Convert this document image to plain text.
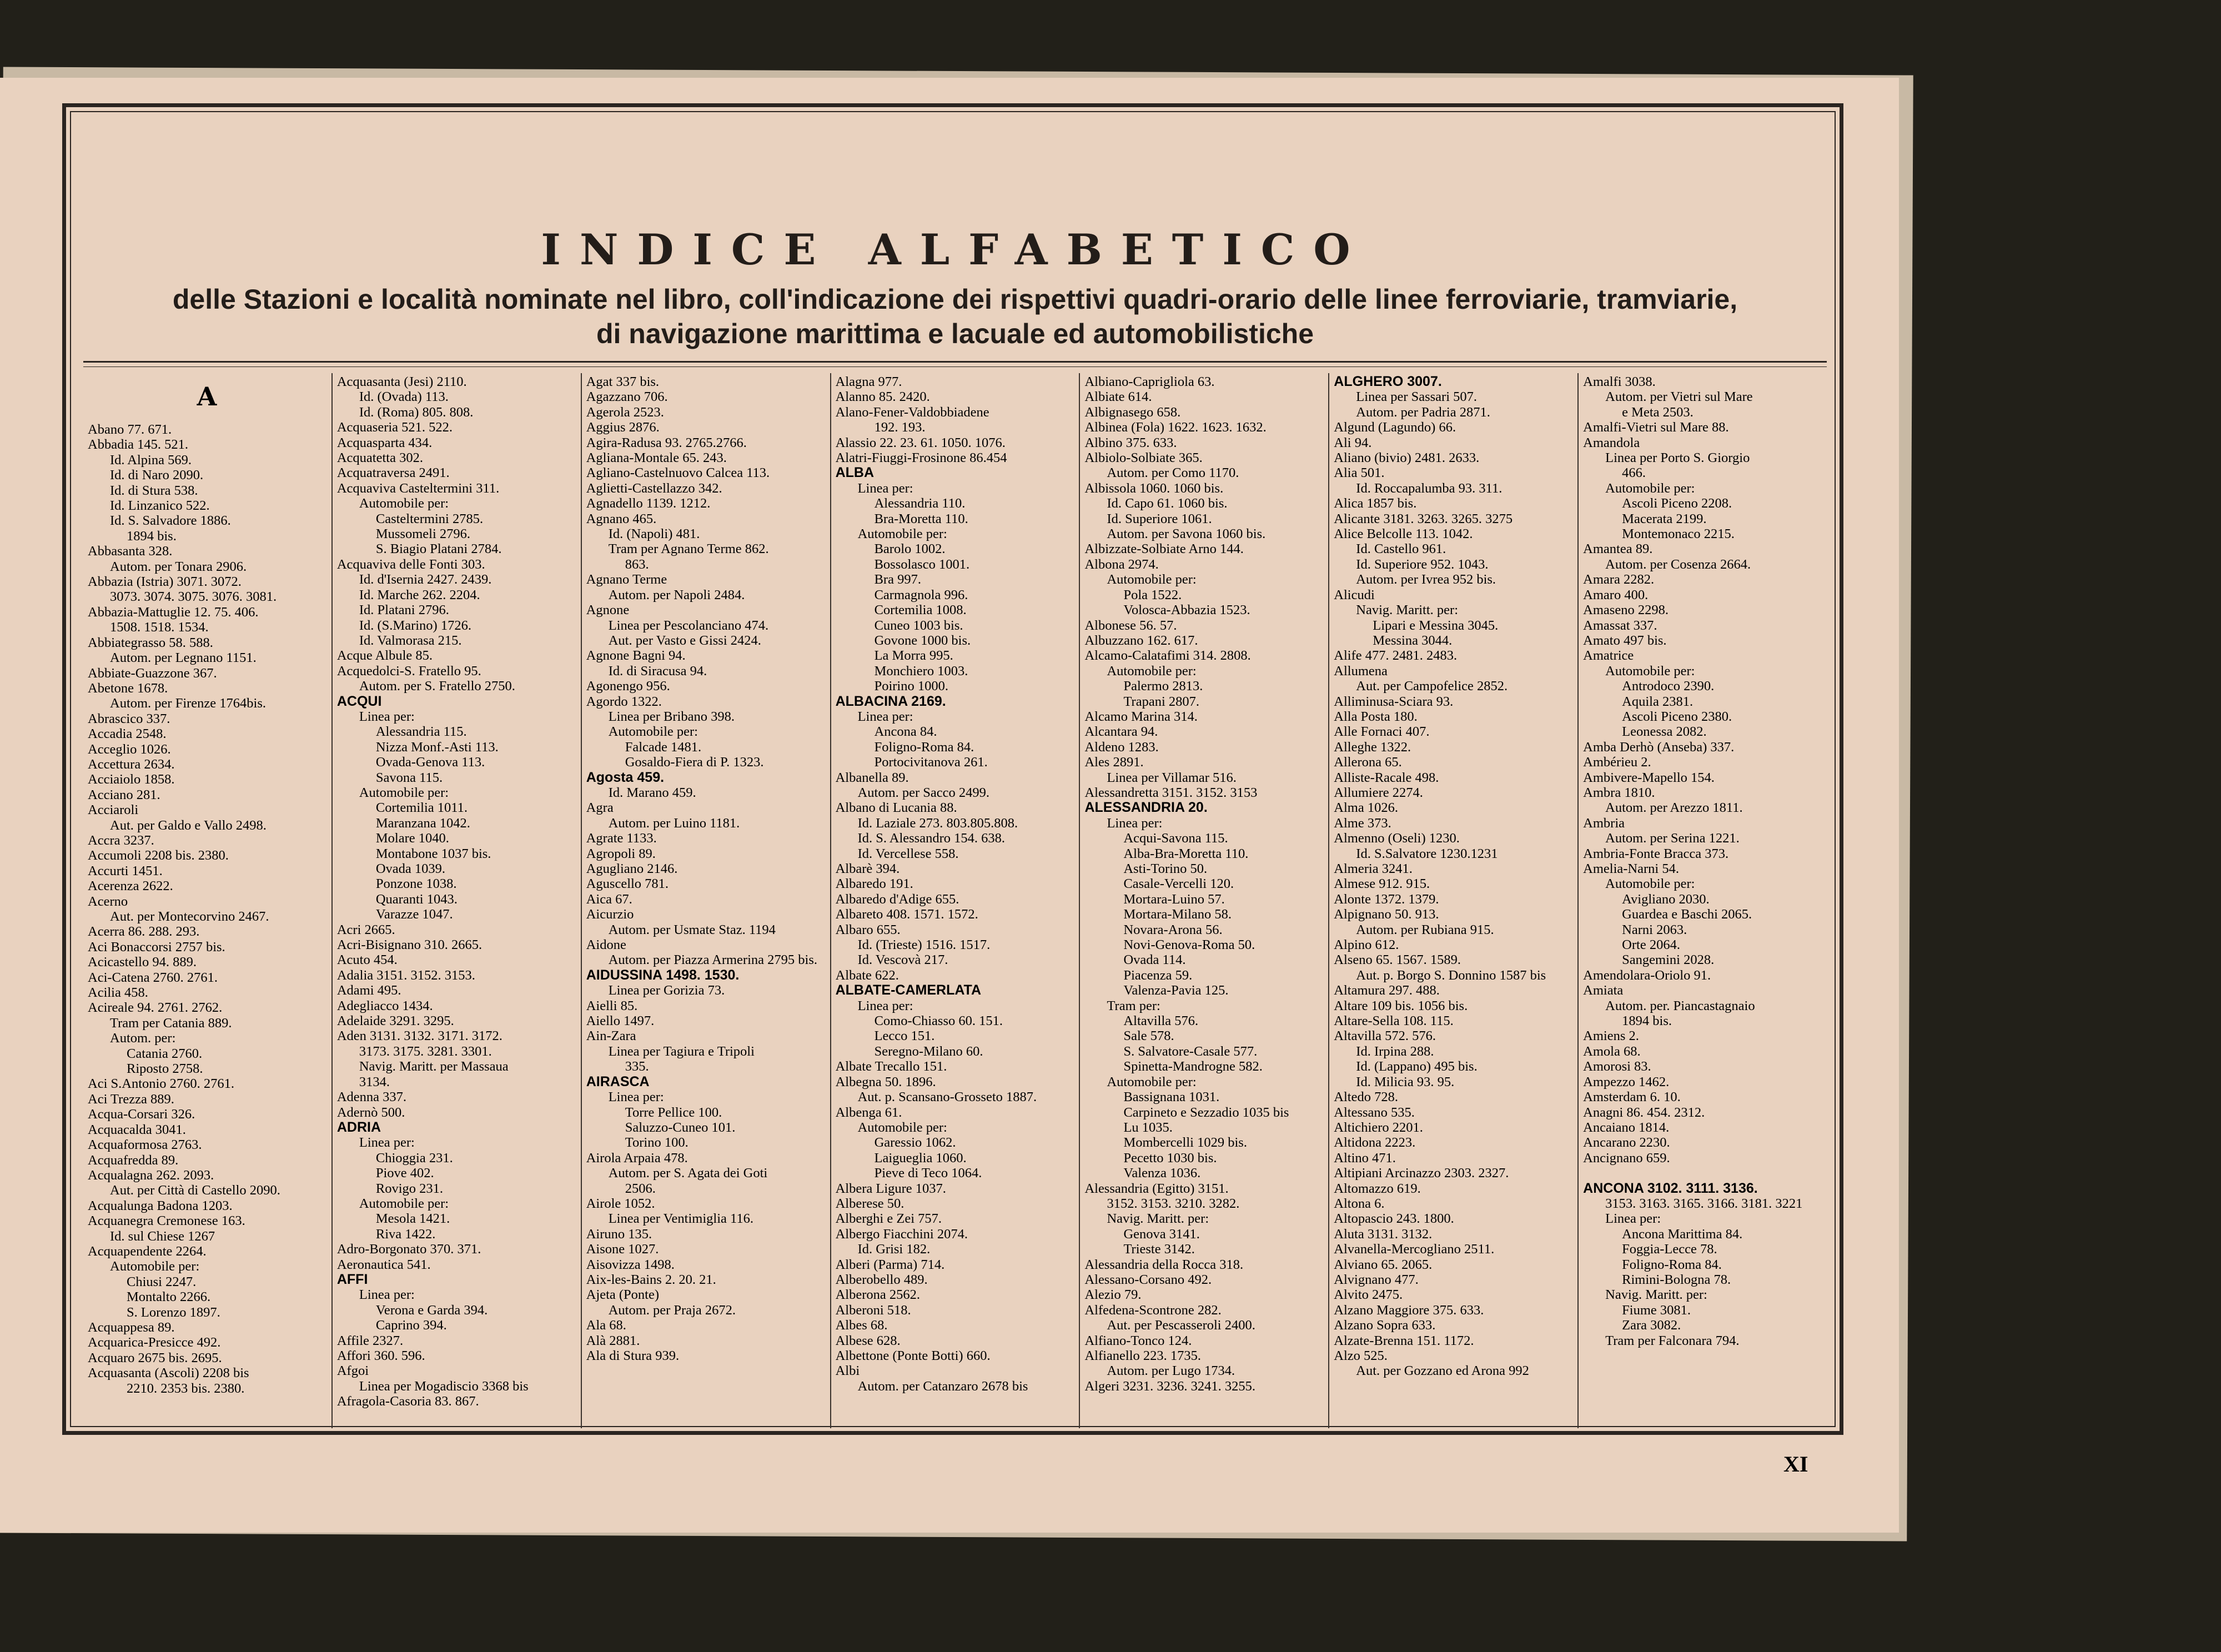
INDICE ALFABETICO
delle Stazioni e località nominate nel libro, coll'indicazione dei rispettivi quadri-orario delle linee ferroviarie, tramviarie,
di navigazione marittima e lacuale ed automobilistiche
A
Abano 77. 671.
Abbadia 145. 521.
Id. Alpina 569.
Id. di Naro 2090.
Id. di Stura 538.
Id. Linzanico 522.
Id. S. Salvadore 1886.
1894 bis.
Abbasanta 328.
Autom. per Tonara 2906.
Abbazia (Istria) 3071. 3072.
3073. 3074. 3075. 3076. 3081.
Abbazia-Mattuglie 12. 75. 406.
1508. 1518. 1534.
Abbiategrasso 58. 588.
Autom. per Legnano 1151.
Abbiate-Guazzone 367.
Abetone 1678.
Autom. per Firenze 1764bis.
Abrascico 337.
Accadia 2548.
Acceglio 1026.
Accettura 2634.
Acciaiolo 1858.
Acciano 281.
Acciaroli
Aut. per Galdo e Vallo 2498.
Accra 3237.
Accumoli 2208 bis. 2380.
Accurti 1451.
Acerenza 2622.
Acerno
Aut. per Montecorvino 2467.
Acerra 86. 288. 293.
Aci Bonaccorsi 2757 bis.
Acicastello 94. 889.
Aci-Catena 2760. 2761.
Acilia 458.
Acireale 94. 2761. 2762.
Tram per Catania 889.
Autom. per:
Catania 2760.
Riposto 2758.
Aci S.Antonio 2760. 2761.
Aci Trezza 889.
Acqua-Corsari 326.
Acquacalda 3041.
Acquaformosa 2763.
Acquafredda 89.
Acqualagna 262. 2093.
Aut. per Città di Castello 2090.
Acqualunga Badona 1203.
Acquanegra Cremonese 163.
Id. sul Chiese 1267
Acquapendente 2264.
Automobile per:
Chiusi 2247.
Montalto 2266.
S. Lorenzo 1897.
Acquappesa 89.
Acquarica-Presicce 492.
Acquaro 2675 bis. 2695.
Acquasanta (Ascoli) 2208 bis
2210. 2353 bis. 2380.
Acquasanta (Jesi) 2110.
Id. (Ovada) 113.
Id. (Roma) 805. 808.
Acquaseria 521. 522.
Acquasparta 434.
Acquatetta 302.
Acquatraversa 2491.
Acquaviva Casteltermini 311.
Automobile per:
Casteltermini 2785.
Mussomeli 2796.
S. Biagio Platani 2784.
Acquaviva delle Fonti 303.
Id. d'Isernia 2427. 2439.
Id. Marche 262. 2204.
Id. Platani 2796.
Id. (S.Marino) 1726.
Id. Valmorasa 215.
Acque Albule 85.
Acquedolci-S. Fratello 95.
Autom. per S. Fratello 2750.
ACQUI
Linea per:
Alessandria 115.
Nizza Monf.-Asti 113.
Ovada-Genova 113.
Savona 115.
Automobile per:
Cortemilia 1011.
Maranzana 1042.
Molare 1040.
Montabone 1037 bis.
Ovada 1039.
Ponzone 1038.
Quaranti 1043.
Varazze 1047.
Acri 2665.
Acri-Bisignano 310. 2665.
Acuto 454.
Adalia 3151. 3152. 3153.
Adami 495.
Adegliacco 1434.
Adelaide 3291. 3295.
Aden 3131. 3132. 3171. 3172.
3173. 3175. 3281. 3301.
Navig. Maritt. per Massaua
3134.
Adenna 337.
Adernò 500.
ADRIA
Linea per:
Chioggia 231.
Piove 402.
Rovigo 231.
Automobile per:
Mesola 1421.
Riva 1422.
Adro-Borgonato 370. 371.
Aeronautica 541.
AFFI
Linea per:
Verona e Garda 394.
Caprino 394.
Affile 2327.
Affori 360. 596.
Afgoi
Linea per Mogadiscio 3368 bis
Afragola-Casoria 83. 867.
Agat 337 bis.
Agazzano 706.
Agerola 2523.
Aggius 2876.
Agira-Radusa 93. 2765.2766.
Agliana-Montale 65. 243.
Agliano-Castelnuovo Calcea 113.
Aglietti-Castellazzo 342.
Agnadello 1139. 1212.
Agnano 465.
Id. (Napoli) 481.
Tram per Agnano Terme 862.
863.
Agnano Terme
Autom. per Napoli 2484.
Agnone
Linea per Pescolanciano 474.
Aut. per Vasto e Gissi 2424.
Agnone Bagni 94.
Id. di Siracusa 94.
Agonengo 956.
Agordo 1322.
Linea per Bribano 398.
Automobile per:
Falcade 1481.
Gosaldo-Fiera di P. 1323.
Agosta 459.
Id. Marano 459.
Agra
Autom. per Luino 1181.
Agrate 1133.
Agropoli 89.
Agugliano 2146.
Aguscello 781.
Aica 67.
Aicurzio
Autom. per Usmate Staz. 1194
Aidone
Autom. per Piazza Armerina 2795 bis.
AIDUSSINA 1498. 1530.
Linea per Gorizia 73.
Aielli 85.
Aiello 1497.
Ain-Zara
Linea per Tagiura e Tripoli
335.
AIRASCA
Linea per:
Torre Pellice 100.
Saluzzo-Cuneo 101.
Torino 100.
Airola Arpaia 478.
Autom. per S. Agata dei Goti
2506.
Airole 1052.
Linea per Ventimiglia 116.
Airuno 135.
Aisone 1027.
Aisovizza 1498.
Aix-les-Bains 2. 20. 21.
Ajeta (Ponte)
Autom. per Praja 2672.
Ala 68.
Alà 2881.
Ala di Stura 939.
Alagna 977.
Alanno 85. 2420.
Alano-Fener-Valdobbiadene
192. 193.
Alassio 22. 23. 61. 1050. 1076.
Alatri-Fiuggi-Frosinone 86.454
ALBA
Linea per:
Alessandria 110.
Bra-Moretta 110.
Automobile per:
Barolo 1002.
Bossolasco 1001.
Bra 997.
Carmagnola 996.
Cortemilia 1008.
Cuneo 1003 bis.
Govone 1000 bis.
La Morra 995.
Monchiero 1003.
Poirino 1000.
ALBACINA 2169.
Linea per:
Ancona 84.
Foligno-Roma 84.
Portocivitanova 261.
Albanella 89.
Autom. per Sacco 2499.
Albano di Lucania 88.
Id. Laziale 273. 803.805.808.
Id. S. Alessandro 154. 638.
Id. Vercellese 558.
Albarè 394.
Albaredo 191.
Albaredo d'Adige 655.
Albareto 408. 1571. 1572.
Albaro 655.
Id. (Trieste) 1516. 1517.
Id. Vescovà 217.
Albate 622.
ALBATE-CAMERLATA
Linea per:
Como-Chiasso 60. 151.
Lecco 151.
Seregno-Milano 60.
Albate Trecallo 151.
Albegna 50. 1896.
Aut. p. Scansano-Grosseto 1887.
Albenga 61.
Automobile per:
Garessio 1062.
Laigueglia 1060.
Pieve di Teco 1064.
Albera Ligure 1037.
Alberese 50.
Alberghi e Zei 757.
Albergo Fiacchini 2074.
Id. Grisi 182.
Alberi (Parma) 714.
Alberobello 489.
Alberona 2562.
Alberoni 518.
Albes 68.
Albese 628.
Albettone (Ponte Botti) 660.
Albi
Autom. per Catanzaro 2678 bis
Albiano-Caprigliola 63.
Albiate 614.
Albignasego 658.
Albinea (Fola) 1622. 1623. 1632.
Albino 375. 633.
Albiolo-Solbiate 365.
Autom. per Como 1170.
Albissola 1060. 1060 bis.
Id. Capo 61. 1060 bis.
Id. Superiore 1061.
Autom. per Savona 1060 bis.
Albizzate-Solbiate Arno 144.
Albona 2974.
Automobile per:
Pola 1522.
Volosca-Abbazia 1523.
Albonese 56. 57.
Albuzzano 162. 617.
Alcamo-Calatafimi 314. 2808.
Automobile per:
Palermo 2813.
Trapani 2807.
Alcamo Marina 314.
Alcantara 94.
Aldeno 1283.
Ales 2891.
Linea per Villamar 516.
Alessandretta 3151. 3152. 3153
ALESSANDRIA 20.
Linea per:
Acqui-Savona 115.
Alba-Bra-Moretta 110.
Asti-Torino 50.
Casale-Vercelli 120.
Mortara-Luino 57.
Mortara-Milano 58.
Novara-Arona 56.
Novi-Genova-Roma 50.
Ovada 114.
Piacenza 59.
Valenza-Pavia 125.
Tram per:
Altavilla 576.
Sale 578.
S. Salvatore-Casale 577.
Spinetta-Mandrogne 582.
Automobile per:
Bassignana 1031.
Carpineto e Sezzadio 1035 bis
Lu 1035.
Mombercelli 1029 bis.
Pecetto 1030 bis.
Valenza 1036.
Alessandria (Egitto) 3151.
3152. 3153. 3210. 3282.
Navig. Maritt. per:
Genova 3141.
Trieste 3142.
Alessandria della Rocca 318.
Alessano-Corsano 492.
Alezio 79.
Alfedena-Scontrone 282.
Aut. per Pescasseroli 2400.
Alfiano-Tonco 124.
Alfianello 223. 1735.
Autom. per Lugo 1734.
Algeri 3231. 3236. 3241. 3255.
ALGHERO 3007.
Linea per Sassari 507.
Autom. per Padria 2871.
Algund (Lagundo) 66.
Ali 94.
Aliano (bivio) 2481. 2633.
Alia 501.
Id. Roccapalumba 93. 311.
Alica 1857 bis.
Alicante 3181. 3263. 3265. 3275
Alice Belcolle 113. 1042.
Id. Castello 961.
Id. Superiore 952. 1043.
Autom. per Ivrea 952 bis.
Alicudi
Navig. Maritt. per:
Lipari e Messina 3045.
Messina 3044.
Alife 477. 2481. 2483.
Allumena
Aut. per Campofelice 2852.
Alliminusa-Sciara 93.
Alla Posta 180.
Alle Fornaci 407.
Alleghe 1322.
Allerona 65.
Alliste-Racale 498.
Allumiere 2274.
Alma 1026.
Alme 373.
Almenno (Oseli) 1230.
Id. S.Salvatore 1230.1231
Almeria 3241.
Almese 912. 915.
Alonte 1372. 1379.
Alpignano 50. 913.
Autom. per Rubiana 915.
Alpino 612.
Alseno 65. 1567. 1589.
Aut. p. Borgo S. Donnino 1587 bis
Altamura 297. 488.
Altare 109 bis. 1056 bis.
Altare-Sella 108. 115.
Altavilla 572. 576.
Id. Irpina 288.
Id. (Lappano) 495 bis.
Id. Milicia 93. 95.
Altedo 728.
Altessano 535.
Altichiero 2201.
Altidona 2223.
Altino 471.
Altipiani Arcinazzo 2303. 2327.
Altomazzo 619.
Altona 6.
Altopascio 243. 1800.
Aluta 3131. 3132.
Alvanella-Mercogliano 2511.
Alviano 65. 2065.
Alvignano 477.
Alvito 2475.
Alzano Maggiore 375. 633.
Alzano Sopra 633.
Alzate-Brenna 151. 1172.
Alzo 525.
Aut. per Gozzano ed Arona 992
Amalfi 3038.
Autom. per Vietri sul Mare
e Meta 2503.
Amalfi-Vietri sul Mare 88.
Amandola
Linea per Porto S. Giorgio
466.
Automobile per:
Ascoli Piceno 2208.
Macerata 2199.
Montemonaco 2215.
Amantea 89.
Autom. per Cosenza 2664.
Amara 2282.
Amaro 400.
Amaseno 2298.
Amassat 337.
Amato 497 bis.
Amatrice
Automobile per:
Antrodoco 2390.
Aquila 2381.
Ascoli Piceno 2380.
Leonessa 2082.
Amba Derhò (Anseba) 337.
Ambérieu 2.
Ambivere-Mapello 154.
Ambra 1810.
Autom. per Arezzo 1811.
Ambria
Autom. per Serina 1221.
Ambria-Fonte Bracca 373.
Amelia-Narni 54.
Automobile per:
Avigliano 2030.
Guardea e Baschi 2065.
Narni 2063.
Orte 2064.
Sangemini 2028.
Amendolara-Oriolo 91.
Amiata
Autom. per. Piancastagnaio
1894 bis.
Amiens 2.
Amola 68.
Amorosi 83.
Ampezzo 1462.
Amsterdam 6. 10.
Anagni 86. 454. 2312.
Ancaiano 1814.
Ancarano 2230.
Ancignano 659.

ANCONA 3102. 3111. 3136.
3153. 3163. 3165. 3166. 3181. 3221
Linea per:
Ancona Marittima 84.
Foggia-Lecce 78.
Foligno-Roma 84.
Rimini-Bologna 78.
Navig. Maritt. per:
Fiume 3081.
Zara 3082.
Tram per Falconara 794.
XI
